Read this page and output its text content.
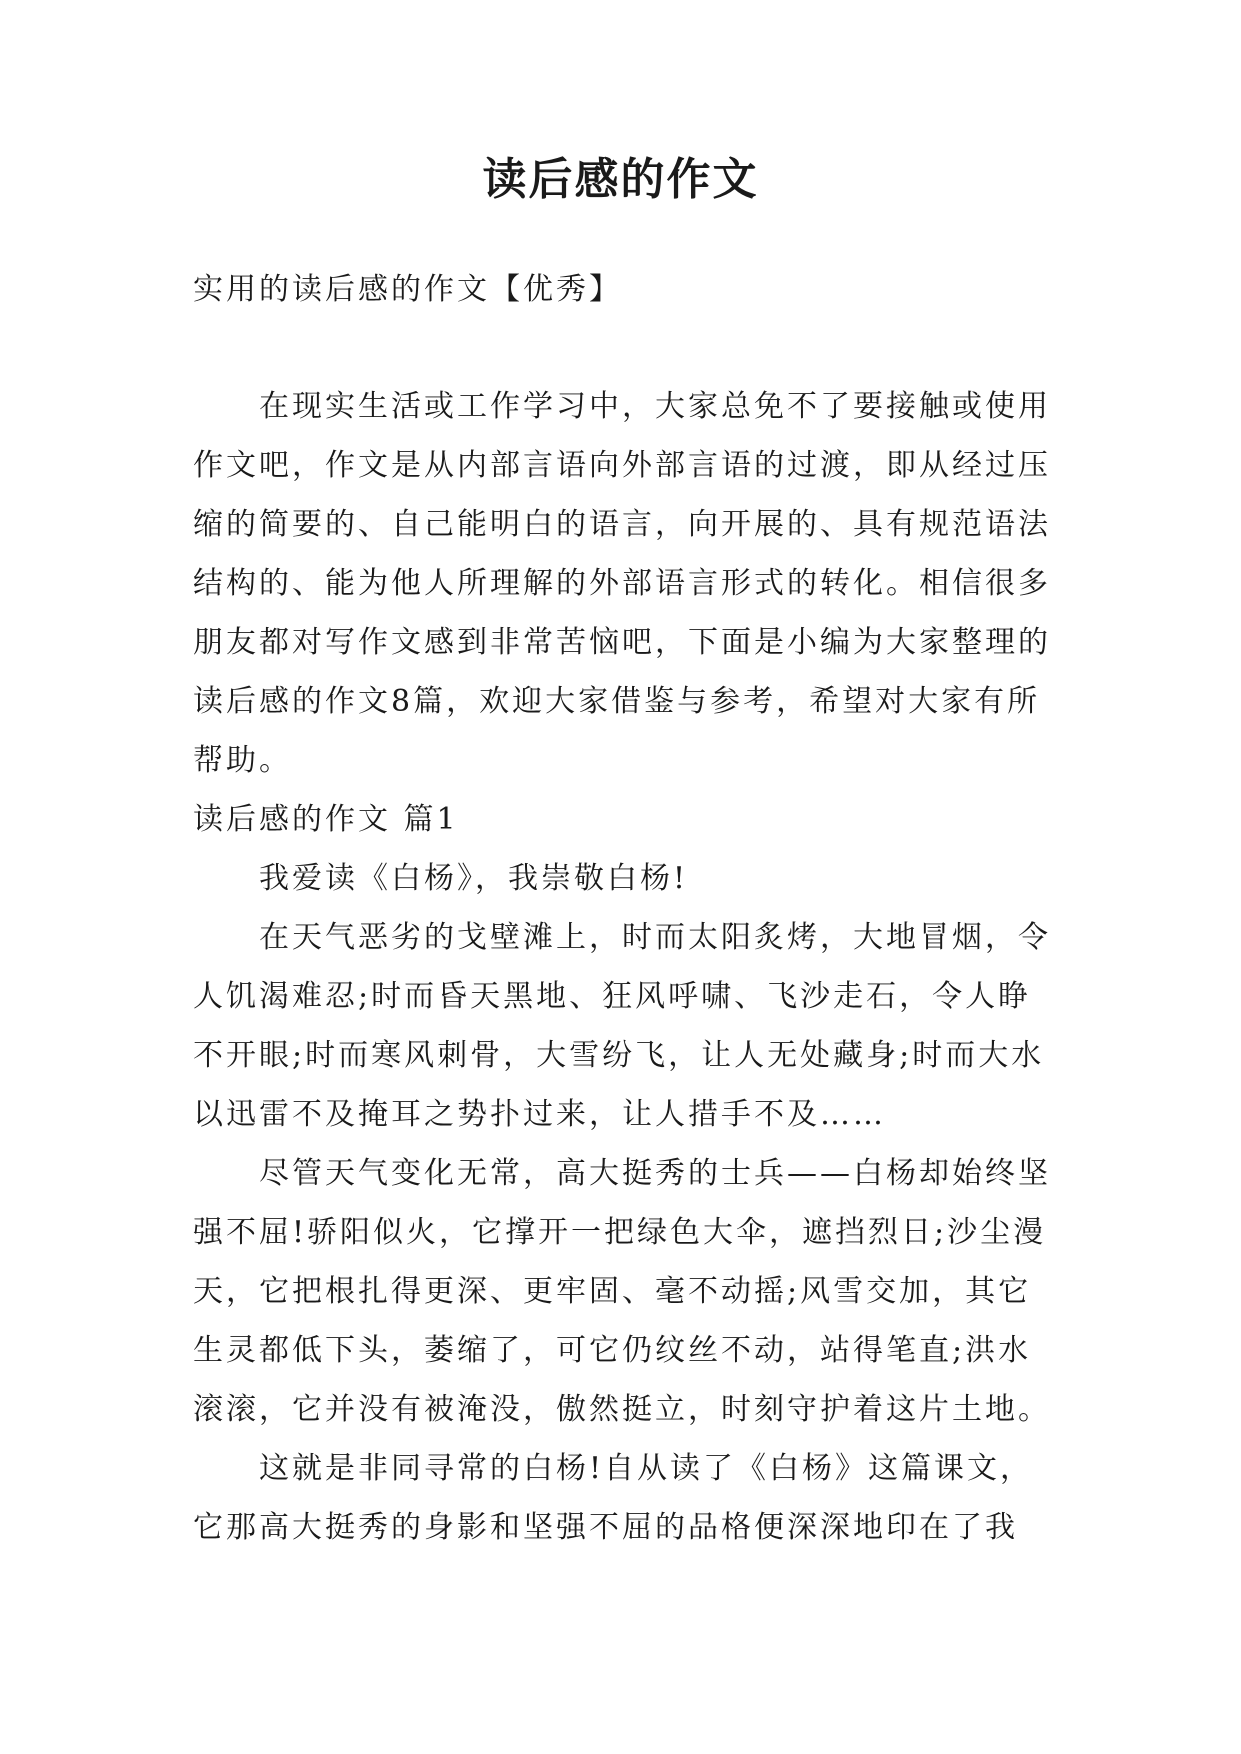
读后感的作文

实用的读后感的作文【优秀】

在现实生活或工作学习中，大家总免不了要接触或使用作文吧，作文是从内部言语向外部言语的过渡，即从经过压缩的简要的、自己能明白的语言，向开展的、具有规范语法结构的、能为他人所理解的外部语言形式的转化。相信很多朋友都对写作文感到非常苦恼吧，下面是小编为大家整理的读后感的作文8篇，欢迎大家借鉴与参考，希望对大家有所帮助。

读后感的作文 篇1

我爱读《白杨》，我崇敬白杨!

在天气恶劣的戈壁滩上，时而太阳炙烤，大地冒烟，令人饥渴难忍;时而昏天黑地、狂风呼啸、飞沙走石，令人睁不开眼;时而寒风刺骨，大雪纷飞，让人无处藏身;时而大水以迅雷不及掩耳之势扑过来，让人措手不及……

尽管天气变化无常，高大挺秀的士兵——白杨却始终坚强不屈!骄阳似火，它撑开一把绿色大伞，遮挡烈日;沙尘漫天，它把根扎得更深、更牢固、毫不动摇;风雪交加，其它生灵都低下头，萎缩了，可它仍纹丝不动，站得笔直;洪水滚滚，它并没有被淹没，傲然挺立，时刻守护着这片土地。

这就是非同寻常的白杨!自从读了《白杨》这篇课文，它那高大挺秀的身影和坚强不屈的品格便深深地印在了我
